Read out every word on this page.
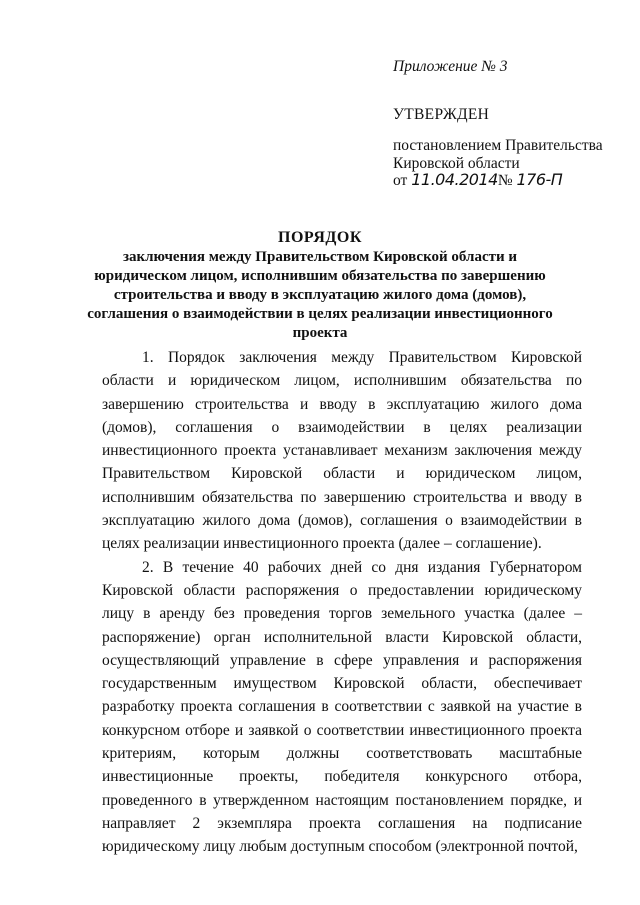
Приложение № 3
УТВЕРЖДЕН
постановлением Правительства
Кировской области
от 11.04.2014№ 176-П
ПОРЯДОК
заключения между Правительством Кировской области и юридическом лицом, исполнившим обязательства по завершению строительства и вводу в эксплуатацию жилого дома (домов), соглашения о взаимодействии в целях реализации инвестиционного проекта

1. Порядок заключения между Правительством Кировской области и юридическом лицом, исполнившим обязательства по завершению строительства и вводу в эксплуатацию жилого дома (домов), соглашения о взаимодействии в целях реализации инвестиционного проекта устанавливает механизм заключения между Правительством Кировской области и юридическом лицом, исполнившим обязательства по завершению строительства и вводу в эксплуатацию жилого дома (домов), соглашения о взаимодействии в целях реализации инвестиционного проекта (далее – соглашение).

2. В течение 40 рабочих дней со дня издания Губернатором Кировской области распоряжения о предоставлении юридическому лицу в аренду без проведения торгов земельного участка (далее – распоряжение) орган исполнительной власти Кировской области, осуществляющий управление в сфере управления и распоряжения государственным имуществом Кировской области, обеспечивает разработку проекта соглашения в соответствии с заявкой на участие в конкурсном отборе и заявкой о соответствии инвестиционного проекта критериям, которым должны соответствовать масштабные инвестиционные проекты, победителя конкурсного отбора, проведенного в утвержденном настоящим постановлением порядке, и направляет 2 экземпляра проекта соглашения на подписание юридическому лицу любым доступным способом (электронной почтой,
